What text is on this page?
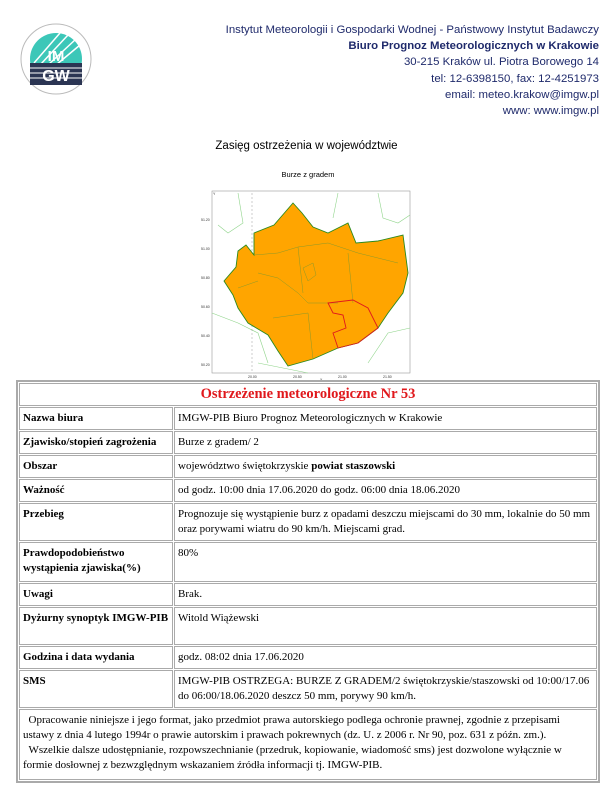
IM
GW
Instytut Meteorologii i Gospodarki Wodnej - Państwowy Instytut Badawczy
Biuro Prognoz Meteorologicznych w Krakowie
30-215 Kraków ul. Piotra Borowego 14
tel: 12-6398150, fax: 12-4251973
email: meteo.krakow@imgw.pl
www: www.imgw.pl
Zasięg ostrzeżenia w województwie
Burze z gradem
51.20
51.00
50.80
50.60
50.40
50.20
20.00	20.50	21.00	21.50
X
Y
Ostrzeżenie meteorologiczne Nr 53	
Nazwa biura	IMGW-PIB Biuro Prognoz Meteorologicznych w Krakowie
Zjawisko/stopień zagrożenia	Burze z gradem/ 2
Obszar	województwo świętokrzyskie powiat staszowski
Ważność	od godz. 10:00 dnia 17.06.2020 do godz. 06:00 dnia 18.06.2020
Przebieg	Prognozuje się wystąpienie burz z opadami deszczu miejscami do 30 mm, lokalnie do 50 mm oraz porywami wiatru do 90 km/h. Miejscami grad.
Prawdopodobieństwo wystąpienia zjawiska(%)	80%
Uwagi	Brak.
Dyżurny synoptyk IMGW-PIB	Witold Wiążewski
Godzina i data wydania	godz. 08:02 dnia 17.06.2020
SMS	IMGW-PIB OSTRZEGA: BURZE Z GRADEM/2 świętokrzyskie/staszowski od 10:00/17.06 do 06:00/18.06.2020 deszcz 50 mm, porywy 90 km/h.
Opracowanie niniejsze i jego format, jako przedmiot prawa autorskiego podlega ochronie prawnej, zgodnie z przepisami ustawy z dnia 4 lutego 1994r o prawie autorskim i prawach pokrewnych (dz. U. z 2006 r. Nr 90, poz. 631 z późn. zm.).
Wszelkie dalsze udostępnianie, rozpowszechnianie (przedruk, kopiowanie, wiadomość sms) jest dozwolone wyłącznie w formie dosłownej z bezwzględnym wskazaniem źródła informacji tj. IMGW-PIB.	
